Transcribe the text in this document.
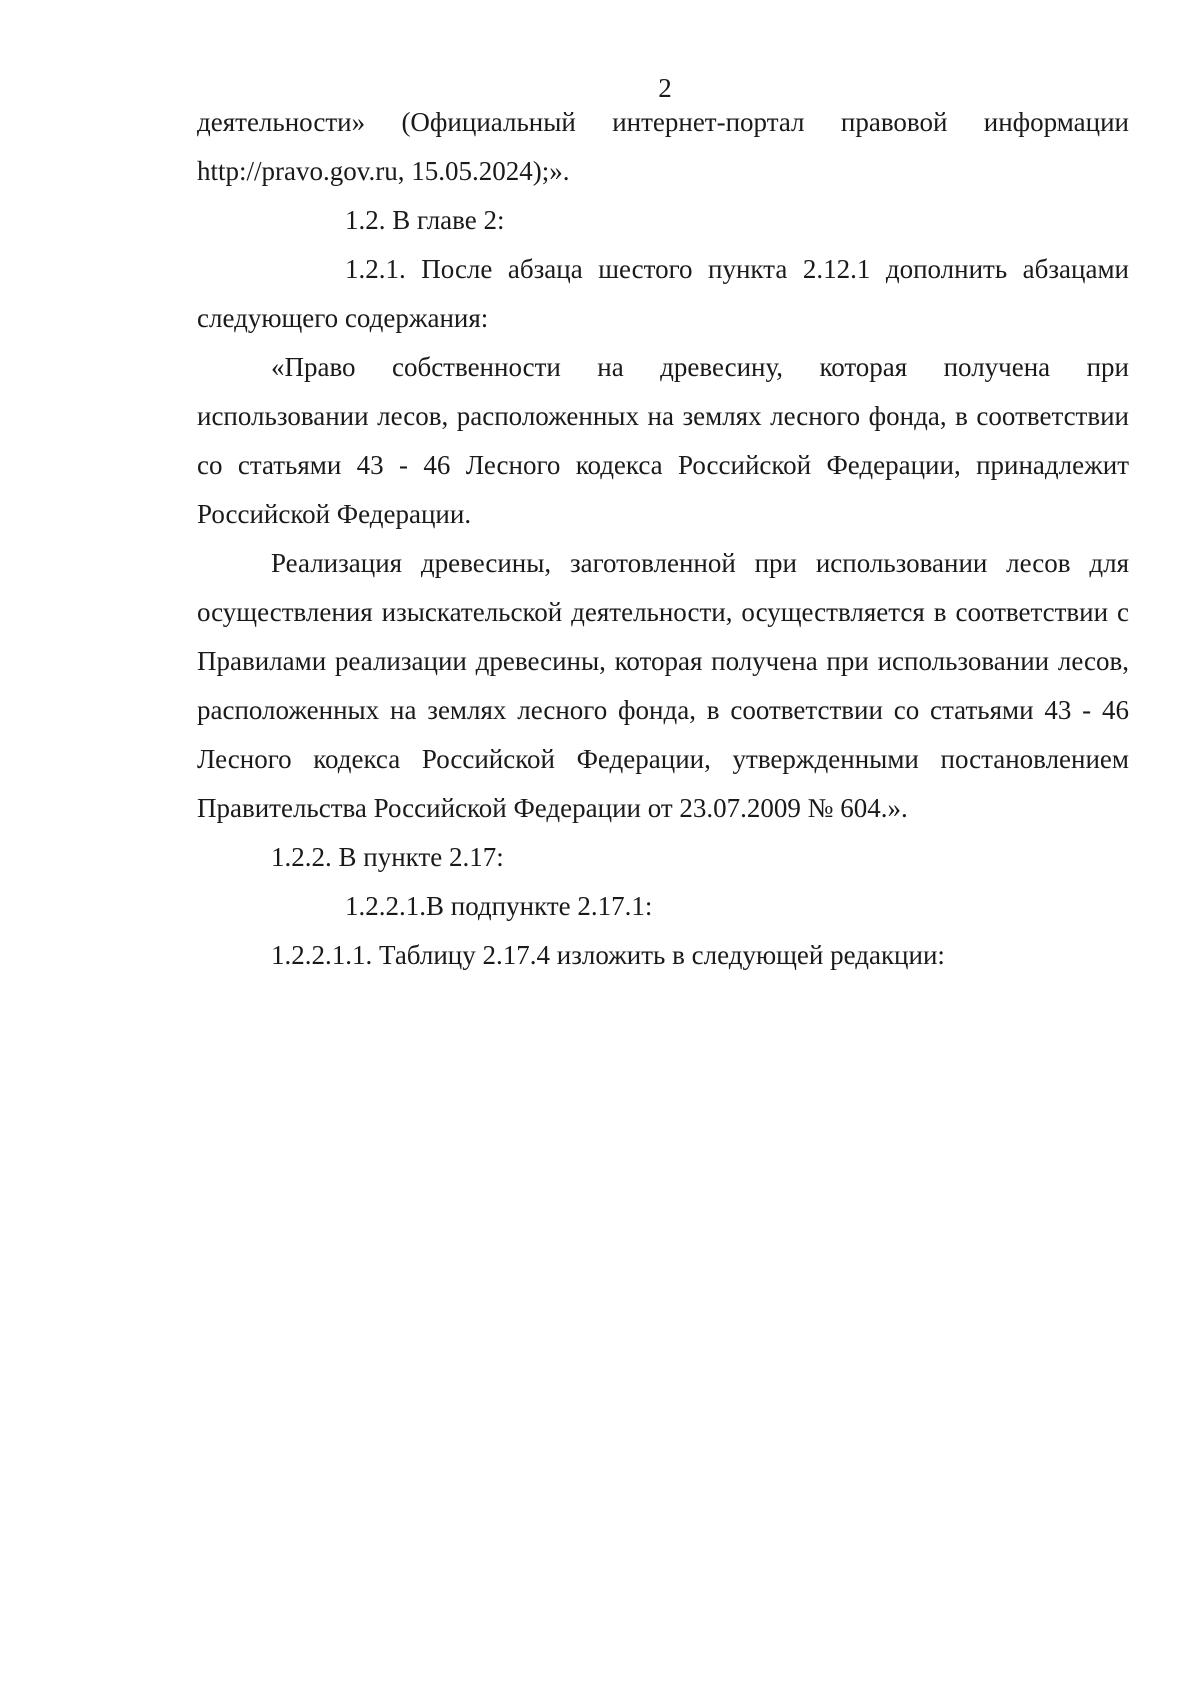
2

деятельности» (Официальный интернет-портал правовой информации http://pravo.gov.ru, 15.05.2024);».

1.2. В главе 2:

1.2.1. После абзаца шестого пункта 2.12.1 дополнить абзацами следующего содержания:

«Право собственности на древесину, которая получена при использовании лесов, расположенных на землях лесного фонда, в соответствии со статьями 43 - 46 Лесного кодекса Российской Федерации, принадлежит Российской Федерации.

Реализация древесины, заготовленной при использовании лесов для осуществления изыскательской деятельности, осуществляется в соответствии с Правилами реализации древесины, которая получена при использовании лесов, расположенных на землях лесного фонда, в соответствии со статьями 43 - 46 Лесного кодекса Российской Федерации, утвержденными постановлением Правительства Российской Федерации от 23.07.2009 № 604.».

1.2.2. В пункте 2.17:

1.2.2.1.В подпункте 2.17.1:

1.2.2.1.1. Таблицу 2.17.4 изложить в следующей редакции:
